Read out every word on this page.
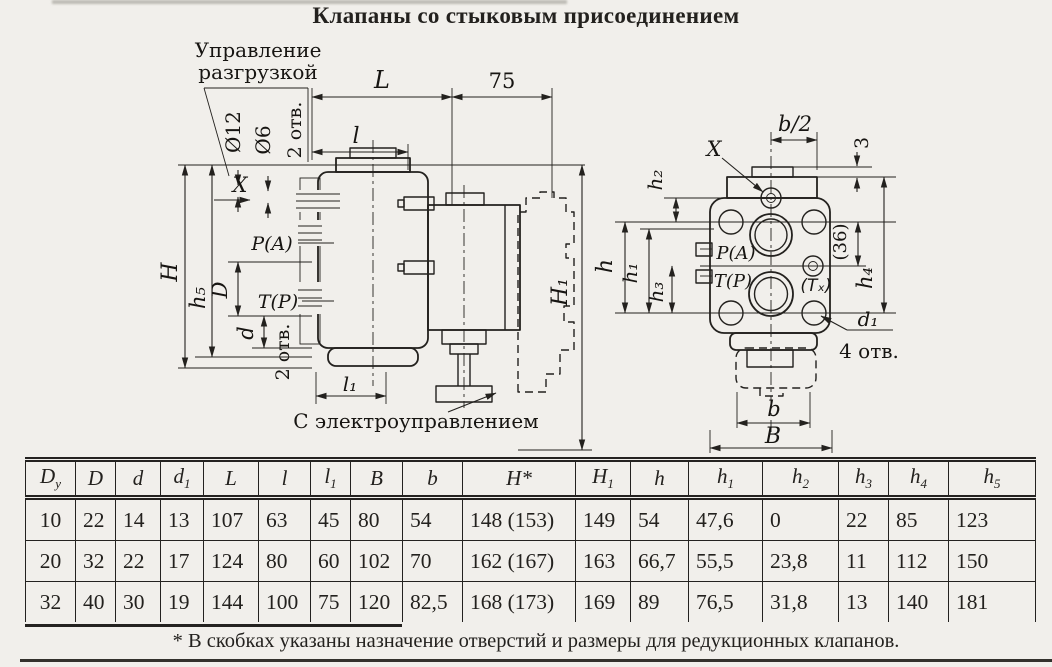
Клапаны со стыковым присоединением
Управление
разгрузкой
Ø12 Ø6 2 отв.
L	75
l
X
P(A)
T(P)
H
h₅
D
d 2 отв.
l₁
H₁
С электроуправлением
b/2
X	3
h₂
h h₁
h₃
P(A)
T(P)	(Tₓ)
(36)
h₄
d₁
4 отв.
b
B
$D_у$	D	d	$d_1$	L	l	$l_1$	B	b	H*	$H_1$	h	$h_1$	$h_2$	$h_3$	$h_4$	$h_5$
10	22	14	13	107	63	45	80	54	148 (153)	149	54	47,6	0	22	85	123
20	32	22	17	124	80	60	102	70	162 (167)	163	66,7	55,5	23,8	11	112	150
32	40	30	19	144	100	75	120	82,5	168 (173)	169	89	76,5	31,8	13	140	181
* В скобках указаны назначение отверстий и размеры для редукционных клапанов.
